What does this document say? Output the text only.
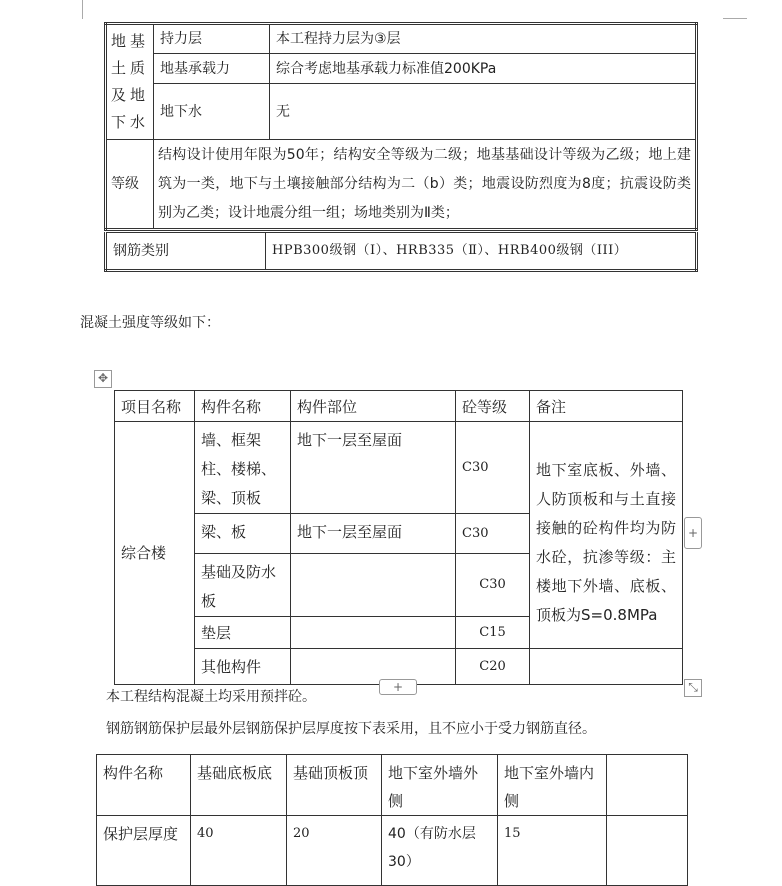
地基土质及地下水	持力层	本工程持力层为③层
	地基承载力	综合考虑地基承载力标准值200KPa
	地下水	无
等级	结构设计使用年限为50年；结构安全等级为二级；地基基础设计等级为乙级；地上建筑为一类，地下与土壤接触部分结构为二（b）类；地震设防烈度为8度；抗震设防类别为乙类；设计地震分组一组；场地类别为Ⅱ类；	
钢筋类别	HPB300级钢（I）、HRB335（Ⅱ）、HRB400级钢（III）
混凝土强度等级如下：
✥
项目名称	构件名称	构件部位	砼等级	备注
综合楼	墙、框架柱、楼梯、梁、顶板	地下一层至屋面	C30	地下室底板、外墙、人防顶板和与土直接接触的砼构件均为防水砼，抗渗等级：主楼地下外墙、底板、顶板为S=0.8MPa
	梁、板	地下一层至屋面	C30	
	基础及防水板		C30	
	垫层		C15	
	其他构件		C20	
+
+	⤡
本工程结构混凝土均采用预拌砼。
钢筋钢筋保护层最外层钢筋保护层厚度按下表采用，且不应小于受力钢筋直径。
构件名称	基础底板底	基础顶板顶	地下室外墙外侧	地下室外墙内侧	
保护层厚度	40	20	40（有防水层30）	15	
